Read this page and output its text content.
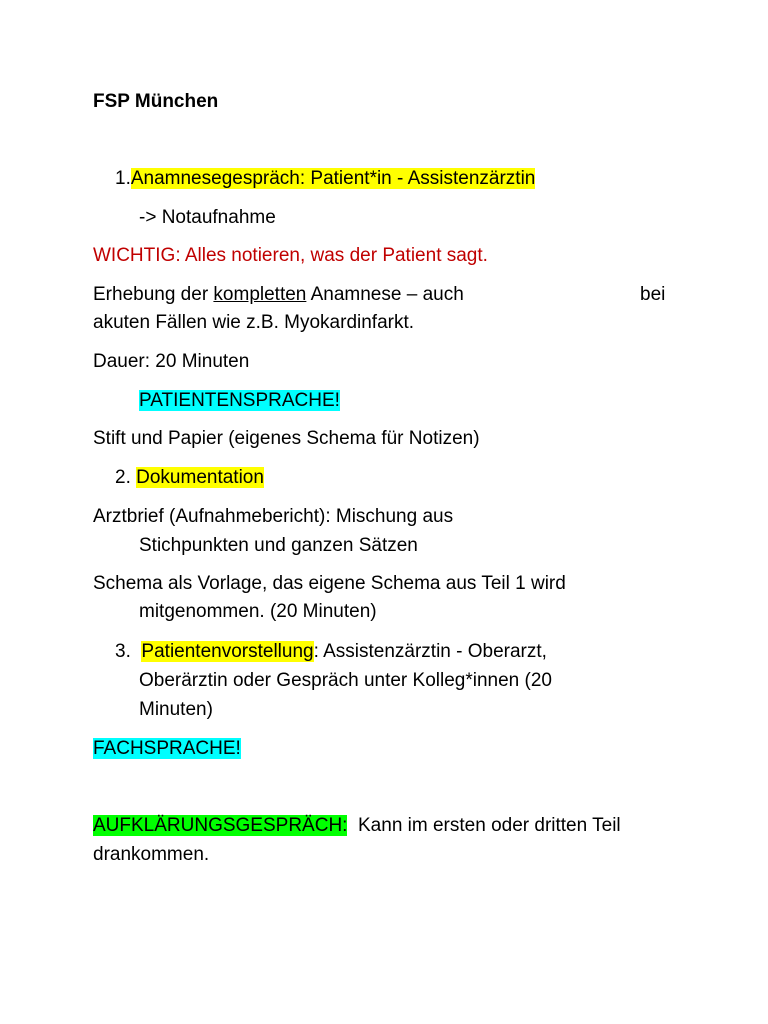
FSP München
1.Anamnesegespräch: Patient*in - Assistenzärztin
-> Notaufnahme
WICHTIG: Alles notieren, was der Patient sagt.
Erhebung der kompletten Anamnese – auch	bei
akuten Fällen wie z.B. Myokardinfarkt.
Dauer: 20 Minuten
PATIENTENSPRACHE!
Stift und Papier (eigenes Schema für Notizen)
2. Dokumentation
Arztbrief (Aufnahmebericht): Mischung aus
Stichpunkten und ganzen Sätzen
Schema als Vorlage, das eigene Schema aus Teil 1 wird
mitgenommen. (20 Minuten)
3. Patientenvorstellung: Assistenzärztin - Oberarzt,
Oberärztin oder Gespräch unter Kolleg*innen (20
Minuten)
FACHSPRACHE!
AUFKLÄRUNGSGESPRÄCH:  Kann im ersten oder dritten Teil
drankommen.
